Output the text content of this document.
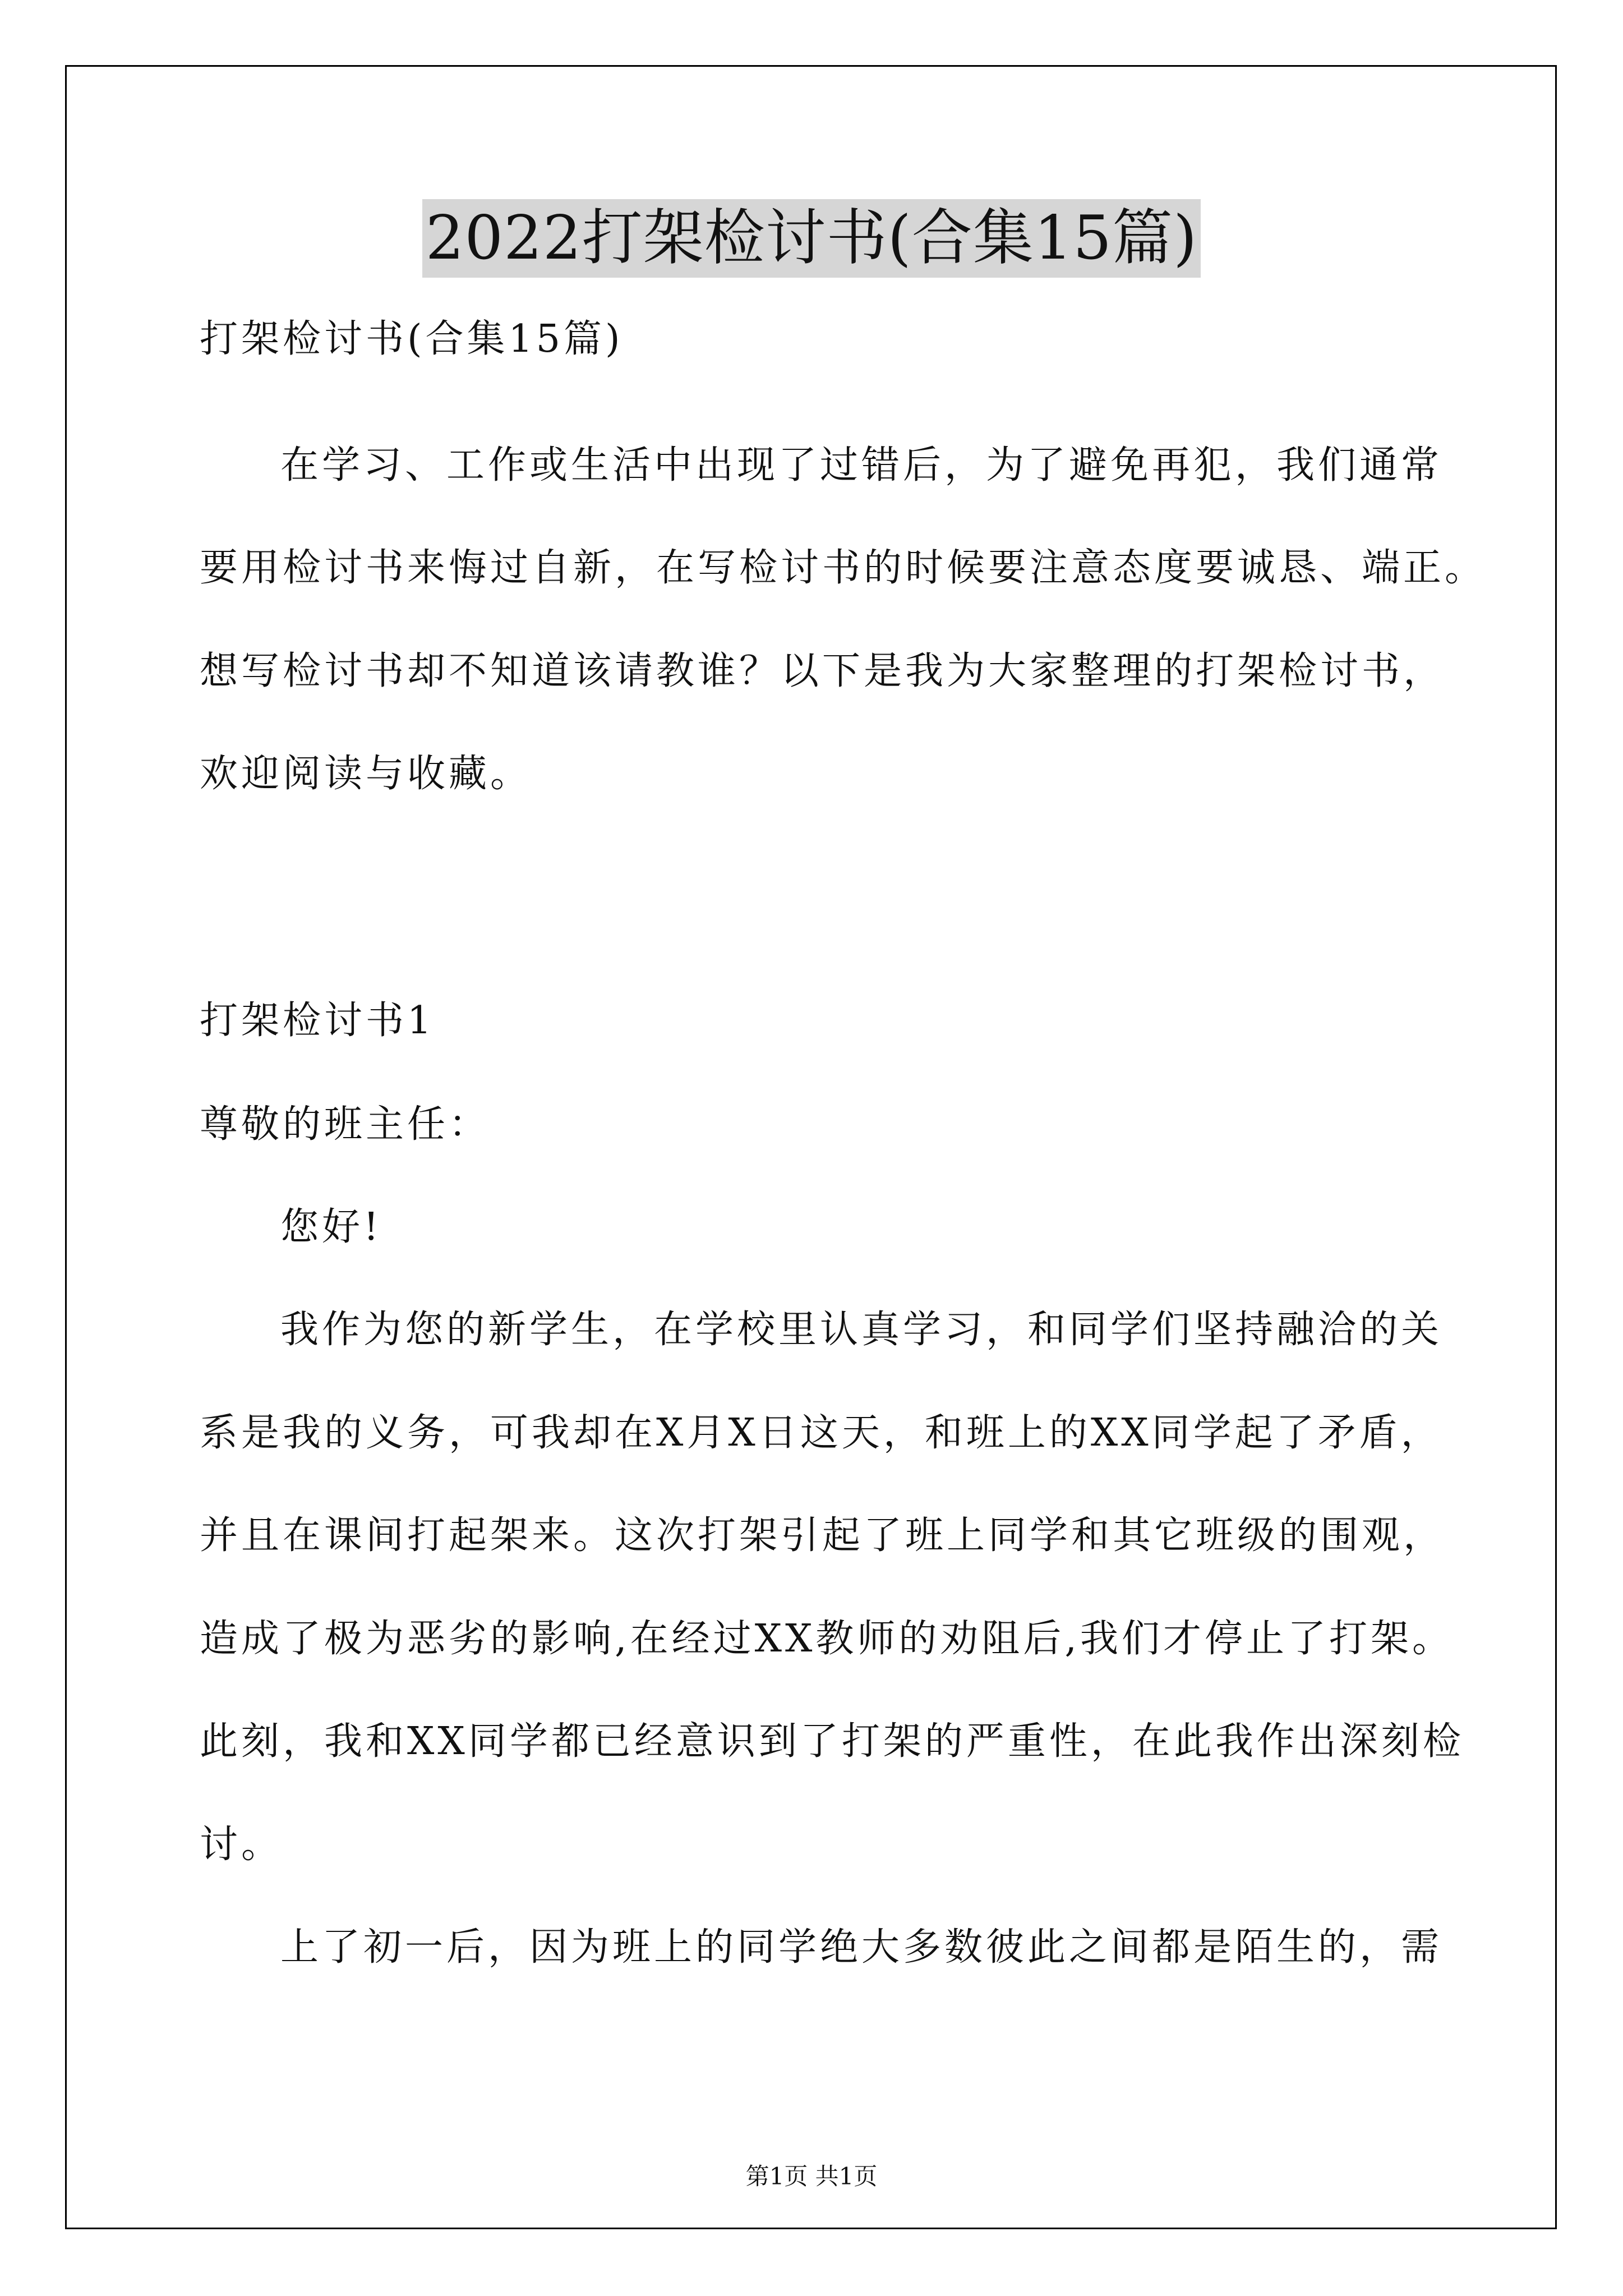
2022打架检讨书(合集15篇)
打架检讨书(合集15篇)
在学习、工作或生活中出现了过错后，为了避免再犯，我们通常
要用检讨书来悔过自新，在写检讨书的时候要注意态度要诚恳、端正。
想写检讨书却不知道该请教谁？以下是我为大家整理的打架检讨书，
欢迎阅读与收藏。
打架检讨书1
尊敬的班主任：
您好!
我作为您的新学生，在学校里认真学习，和同学们坚持融洽的关
系是我的义务，可我却在X月X日这天，和班上的XX同学起了矛盾，
并且在课间打起架来。这次打架引起了班上同学和其它班级的围观，
造成了极为恶劣的影响,在经过XX教师的劝阻后,我们才停止了打架。
此刻，我和XX同学都已经意识到了打架的严重性，在此我作出深刻检
讨。
上了初一后，因为班上的同学绝大多数彼此之间都是陌生的，需
第1页 共1页
